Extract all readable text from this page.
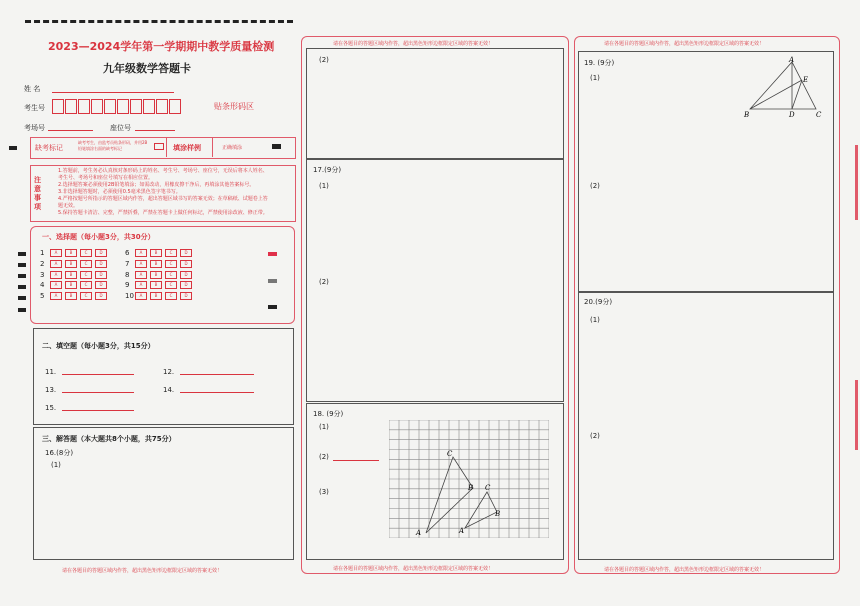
2023—2024学年第一学期期中教学质量检测
九年级数学答题卡
姓 名
考生号	贴条形码区
考场号	座位号
缺考标记
缺考考生，由监考员贴条形码，并用2B铅笔填涂右面的缺考标记	填涂样例	正确填涂
注意事项
1.答题前，考生务必认真核对条形码上的姓名、考生号、考场号、座位号，无误后将本人姓名、
考生号、考场号和座位号填写在相应位置。
2.选择题答案必须使用2B铅笔填涂；如需改动，用橡皮擦干净后，再填涂其他答案标号。
3.非选择题答题时，必须使用0.5毫米黑色签字笔书写。
4.严格按题号所指示的答题区域内作答，超出答题区域书写的答案无效；在草稿纸、试题卷上答
题无效。
5.保持答题卡清洁、完整，严禁折叠，严禁在答题卡上做任何标记，严禁使用涂改液、修正带。
一、选择题（每小题3分，共30分）
1	A	B	C	D
2	A	B	C	D
3	A	B	C	D
4	A	B	C	D
5	A	B	C	D
6	A	B	C	D
7	A	B	C	D
8	A	B	C	D
9	A	B	C	D
10 A	B	C	D
二、填空题（每小题3分，共15分）
11.	12.
13.	14.
15.
三、解答题（本大题共8个小题，共75分）
16.(8分)
(1)
请在各题目的答题区域内作答，超出黑色矩形边框限定区域的答案无效！
请在各题目的答题区域内作答，超出黑色矩形边框限定区域的答案无效！
(2)
17.(9分)
(1)
(2)
18. (9分)
(1)
(2)
(3)
C
B
A
C
B
A
请在各题目的答题区域内作答，超出黑色矩形边框限定区域的答案无效！
请在各题目的答题区域内作答，超出黑色矩形边框限定区域的答案无效！
19. (9分)
(1)
A
E
B	D	C
(2)
20.(9分)
(1)
(2)
请在各题目的答题区域内作答，超出黑色矩形边框限定区域的答案无效！
